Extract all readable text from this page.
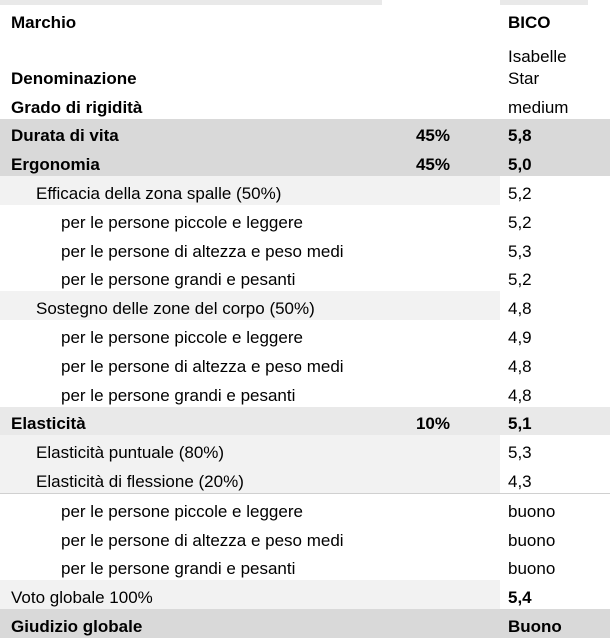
Marchio		BICO
Denominazione		Isabelle
Star

Grado di rigidità		medium
Durata di vita	45%	5,8
Ergonomia	45%	5,0
Efficacia della zona spalle (50%)		5,2
per le persone piccole e leggere		5,2
per le persone di altezza e peso medi		5,3
per le persone grandi e pesanti		5,2
Sostegno delle zone del corpo (50%)		4,8
per le persone piccole e leggere		4,9
per le persone di altezza e peso medi		4,8
per le persone grandi e pesanti		4,8
Elasticità	10%	5,1
Elasticità puntuale (80%)		5,3
Elasticità di flessione (20%)		4,3
per le persone piccole e leggere		buono
per le persone di altezza e peso medi		buono
per le persone grandi e pesanti		buono
Voto globale 100%		5,4
Giudizio globale		Buono
